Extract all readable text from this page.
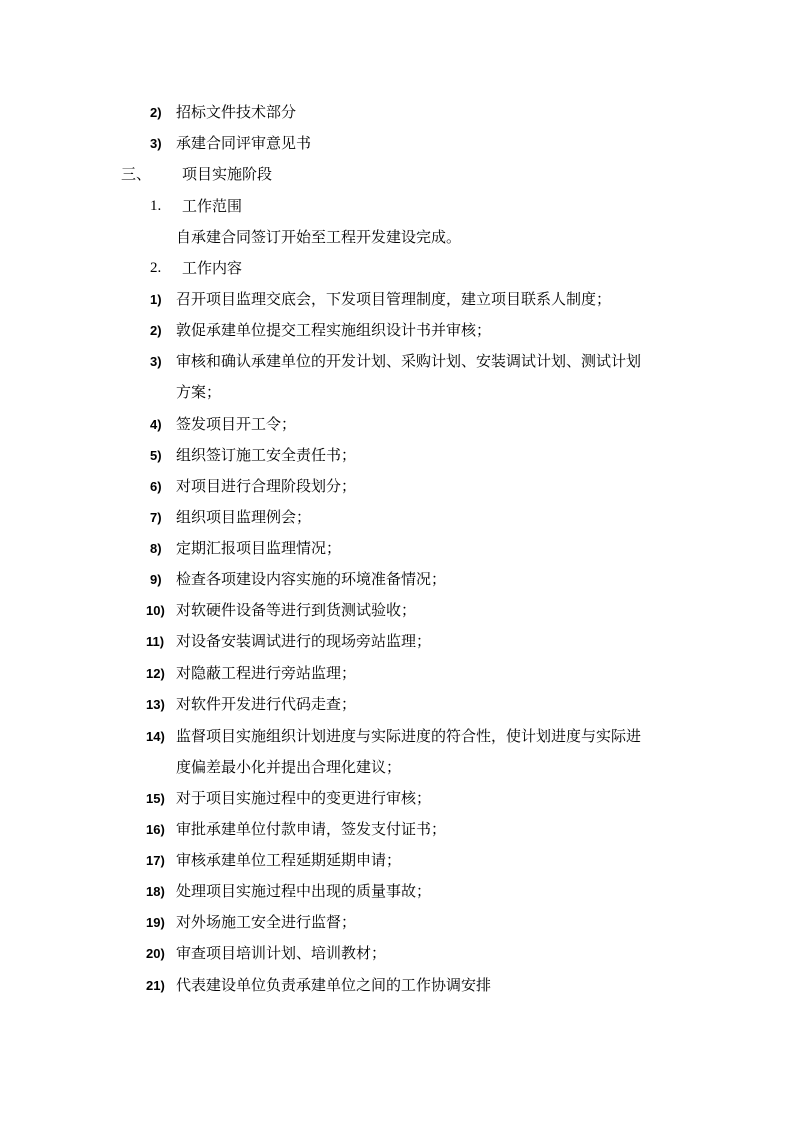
2) 招标文件技术部分
3) 承建合同评审意见书
三、 项目实施阶段
1. 工作范围
自承建合同签订开始至工程开发建设完成。
2. 工作内容
1) 召开项目监理交底会，下发项目管理制度，建立项目联系人制度；
2) 敦促承建单位提交工程实施组织设计书并审核；
3) 审核和确认承建单位的开发计划、采购计划、安装调试计划、测试计划
方案；
4) 签发项目开工令；
5) 组织签订施工安全责任书；
6) 对项目进行合理阶段划分；
7) 组织项目监理例会；
8) 定期汇报项目监理情况；
9) 检查各项建设内容实施的环境准备情况；
10) 对软硬件设备等进行到货测试验收；
11) 对设备安装调试进行的现场旁站监理；
12) 对隐蔽工程进行旁站监理；
13) 对软件开发进行代码走查；
14) 监督项目实施组织计划进度与实际进度的符合性，使计划进度与实际进
度偏差最小化并提出合理化建议；
15) 对于项目实施过程中的变更进行审核；
16) 审批承建单位付款申请，签发支付证书；
17) 审核承建单位工程延期延期申请；
18) 处理项目实施过程中出现的质量事故；
19) 对外场施工安全进行监督；
20) 审查项目培训计划、培训教材；
21) 代表建设单位负责承建单位之间的工作协调安排
